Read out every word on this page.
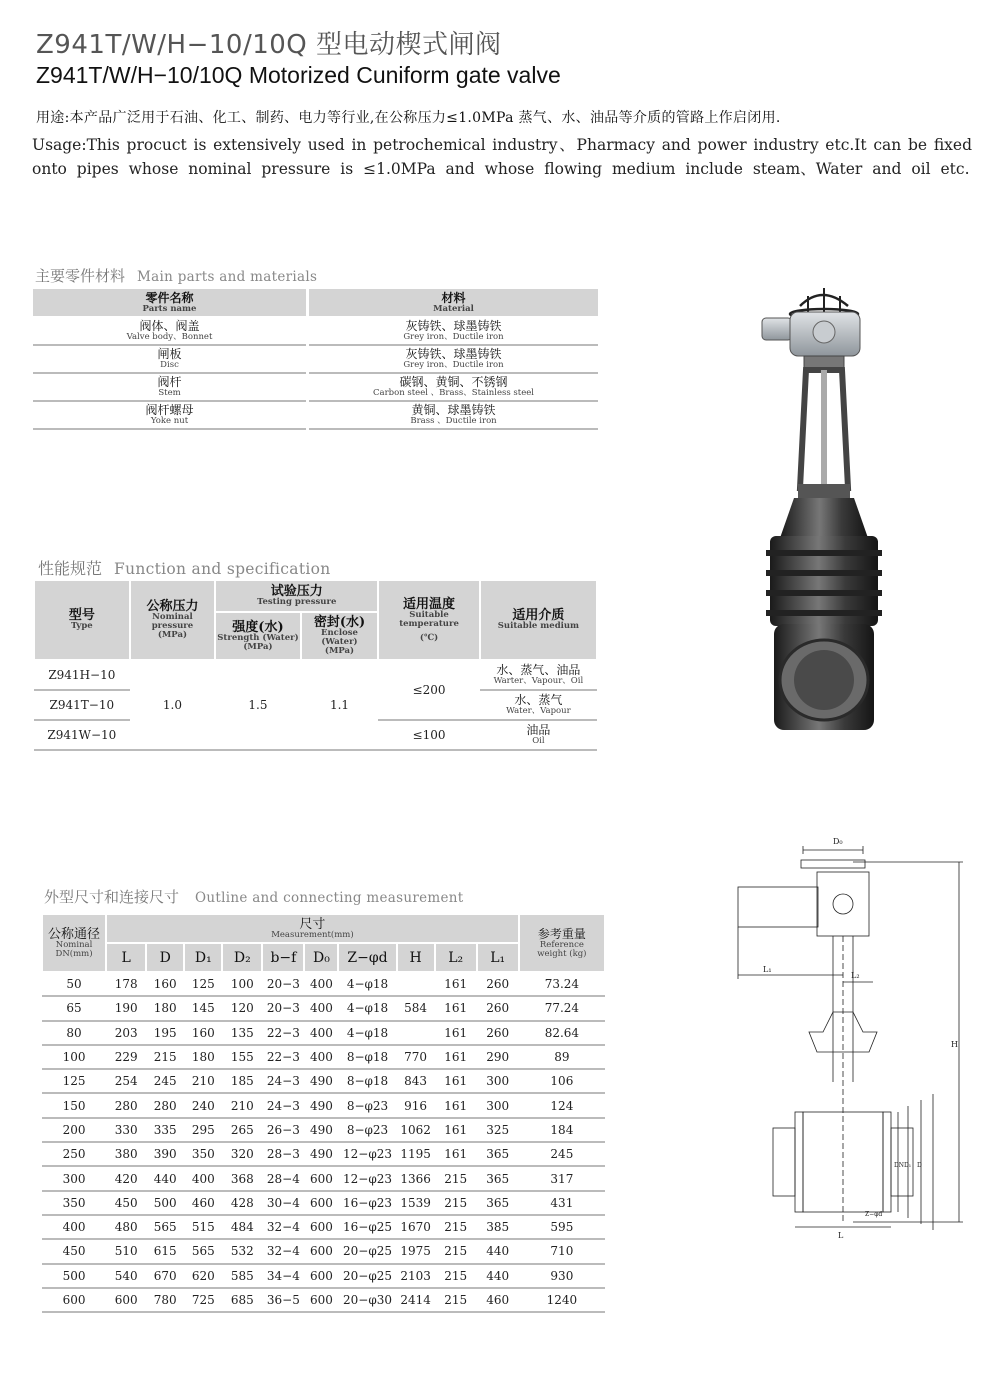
Z941T/W/H−10/10Q 型电动楔式闸阀
Z941T/W/H−10/10Q Motorized Cuniform gate valve
用途:本产品广泛用于石油、化工、制药、电力等行业,在公称压力≤1.0MPa 蒸气、水、油品等介质的管路上作启闭用.
Usage:This procuct is extensively used in petrochemical industry、Pharmacy and power industry etc.It can be fixed
onto pipes whose nominal pressure is ≤1.0MPa and whose flowing medium include steam、Water and oil etc.
主要零件材料 Main parts and materials
零件名称
Parts name	材料
Material

阀体、阀盖
Valve body、Bonnet	灰铸铁、球墨铸铁
Grey iron、Ductile iron

闸板
Disc	灰铸铁、球墨铸铁
Grey iron、Ductile iron

阀杆
Stem	碳钢、黄铜、不锈钢
Carbon steel 、Brass、Stainless steel

阀杆螺母
Yoke nut	黄铜、球墨铸铁
Brass 、Ductile iron
性能规范 Function and specification
型号
Type	公称压力
Nominal pressure
(MPa)	试验压力
Testing pressure		适用温度
Suitable temperature
(℃)	适用介质
Suitable medium

		强度(水)
Strength (Water)
(MPa)	密封(水)
Enclose (Water)
(MPa)		

Z941H−10	1.0	1.5	1.1	≤200	水、蒸气、油品
Warter、Vapour、Oil

Z941T−10					水、蒸气
Water、Vapour

Z941W−10				≤100	油品
Oil
外型尺寸和连接尺寸 Outline and connecting measurement
公称通径
Nominal
DN(mm)	尺寸
Measurement(mm)										参考重量
Reference
weight (kg)

	L	D	D₁	D₂	b−f	D₀	Z−φd	H	L₂	L₁	
50	178	160	125	100	20−3	400	4−φ18		161	260	73.24
65	190	180	145	120	20−3	400	4−φ18	584	161	260	77.24
80	203	195	160	135	22−3	400	4−φ18		161	260	82.64
100	229	215	180	155	22−3	400	8−φ18	770	161	290	89
125	254	245	210	185	24−3	490	8−φ18	843	161	300	106
150	280	280	240	210	24−3	490	8−φ23	916	161	300	124
200	330	335	295	265	26−3	490	8−φ23	1062	161	325	184
250	380	390	350	320	28−3	490	12−φ23	1195	161	365	245
300	420	440	400	368	28−4	600	12−φ23	1366	215	365	317
350	450	500	460	428	30−4	600	16−φ23	1539	215	365	431
400	480	565	515	484	32−4	600	16−φ25	1670	215	385	595
450	510	615	565	532	32−4	600	20−φ25	1975	215	440	710
500	540	670	620	585	34−4	600	20−φ25	2103	215	440	930
600	600	780	725	685	36−5	600	20−φ30	2414	215	460	1240
D₀
L₁
L₂
H
L
DN D₁ D
Z−φd
